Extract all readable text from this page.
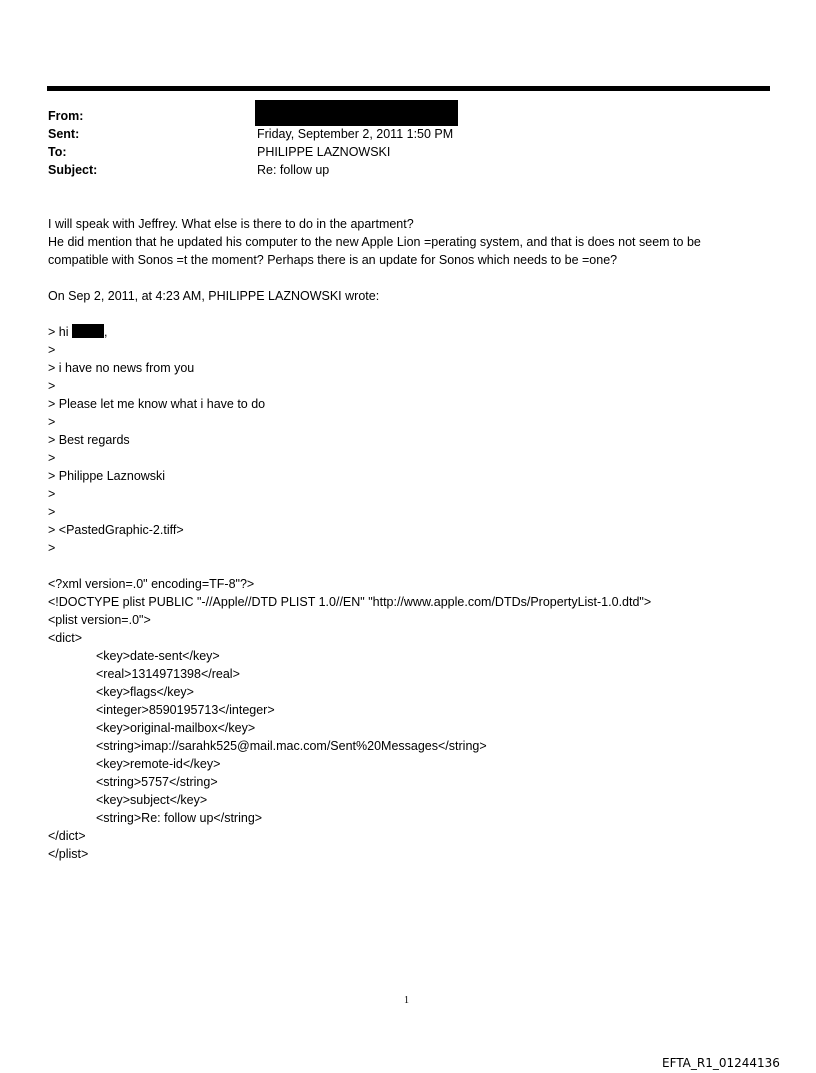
From:
Sent:
To:
Subject:
Friday, September 2, 2011 1:50 PM
PHILIPPE LAZNOWSKI
Re: follow up
I will speak with Jeffrey. What else is there to do in the apartment?
He did mention that he updated his computer to the new Apple Lion =perating system, and that is does not seem to be
compatible with Sonos =t the moment? Perhaps there is an update for Sonos which needs to be =one?
On Sep 2, 2011, at 4:23 AM, PHILIPPE LAZNOWSKI wrote:
> hi	,
>
> i have no news from you
>
> Please let me know what i have to do
>
> Best regards
>
> Philippe Laznowski
>
>
> <PastedGraphic-2.tiff>
>
<?xml version=.0" encoding=TF-8"?>
<!DOCTYPE plist PUBLIC "-//Apple//DTD PLIST 1.0//EN" "http://www.apple.com/DTDs/PropertyList-1.0.dtd">
<plist version=.0">
<dict>
<key>date-sent</key>
<real>1314971398</real>
<key>flags</key>
<integer>8590195713</integer>
<key>original-mailbox</key>
<string>imap://sarahk525@mail.mac.com/Sent%20Messages</string>
<key>remote-id</key>
<string>5757</string>
<key>subject</key>
<string>Re: follow up</string>
</dict>
</plist>
1
EFTA_R1_01244136
